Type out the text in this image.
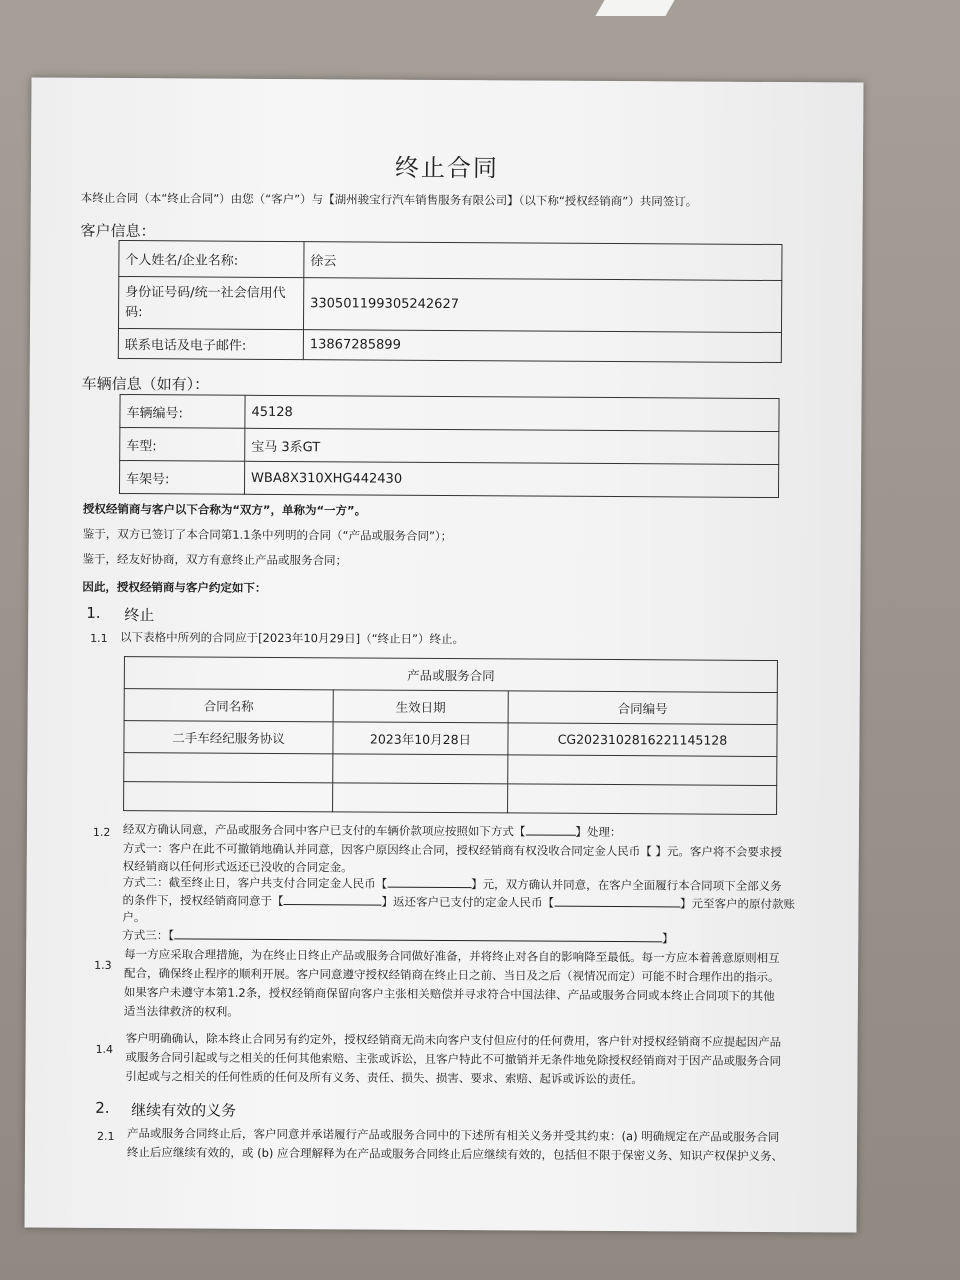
终止合同
本终止合同（本“终止合同”）由您（“客户”）与【湖州骏宝行汽车销售服务有限公司】（以下称“授权经销商”）共同签订。
客户信息：
个人姓名/企业名称:	徐云
身份证号码/统一社会信用代码:	330501199305242627
联系电话及电子邮件:	13867285899
车辆信息（如有）：
车辆编号:	45128
车型:	宝马 3系GT
车架号:	WBA8X310XHG442430
授权经销商与客户以下合称为“双方”，单称为“一方”。
鉴于，双方已签订了本合同第1.1条中列明的合同（“产品或服务合同”）；
鉴于，经友好协商，双方有意终止产品或服务合同；
因此，授权经销商与客户约定如下：
1. 终止
1.1 以下表格中所列的合同应于[2023年10月29日]（“终止日”）终止。
产品或服务合同		
合同名称	生效日期	合同编号
二手车经纪服务协议	2023年10月28日	CG2023102816221145128

1.2 经双方确认同意，产品或服务合同中客户已支付的车辆价款项应按照如下方式【	】处理：
方式一：客户在此不可撤销地确认并同意，因客户原因终止合同，授权经销商有权没收合同定金人民币【 】元。客户将不会要求授
权经销商以任何形式返还已没收的合同定金。
方式二：截至终止日，客户共支付合同定金人民币【	】元，双方确认并同意，在客户全面履行本合同项下全部义务
的条件下，授权经销商同意于【	】返还客户已支付的定金人民币【	】元至客户的原付款账
户。
方式三：【	】
1.3
每一方应采取合理措施，为在终止日终止产品或服务合同做好准备，并将终止对各自的影响降至最低。每一方应本着善意原则相互
配合，确保终止程序的顺利开展。客户同意遵守授权经销商在终止日之前、当日及之后（视情况而定）可能不时合理作出的指示。
如果客户未遵守本第1.2条，授权经销商保留向客户主张相关赔偿并寻求符合中国法律、产品或服务合同或本终止合同项下的其他
适当法律救济的权利。
1.4
客户明确确认，除本终止合同另有约定外，授权经销商无尚未向客户支付但应付的任何费用，客户针对授权经销商不应提起因产品
或服务合同引起或与之相关的任何其他索赔、主张或诉讼，且客户特此不可撤销并无条件地免除授权经销商对于因产品或服务合同
引起或与之相关的任何性质的任何及所有义务、责任、损失、损害、要求、索赔、起诉或诉讼的责任。
2. 继续有效的义务
2.1 产品或服务合同终止后，客户同意并承诺履行产品或服务合同中的下述所有相关义务并受其约束：(a) 明确规定在产品或服务合同
终止后应继续有效的，或 (b) 应合理解释为在产品或服务合同终止后应继续有效的，包括但不限于保密义务、知识产权保护义务、
